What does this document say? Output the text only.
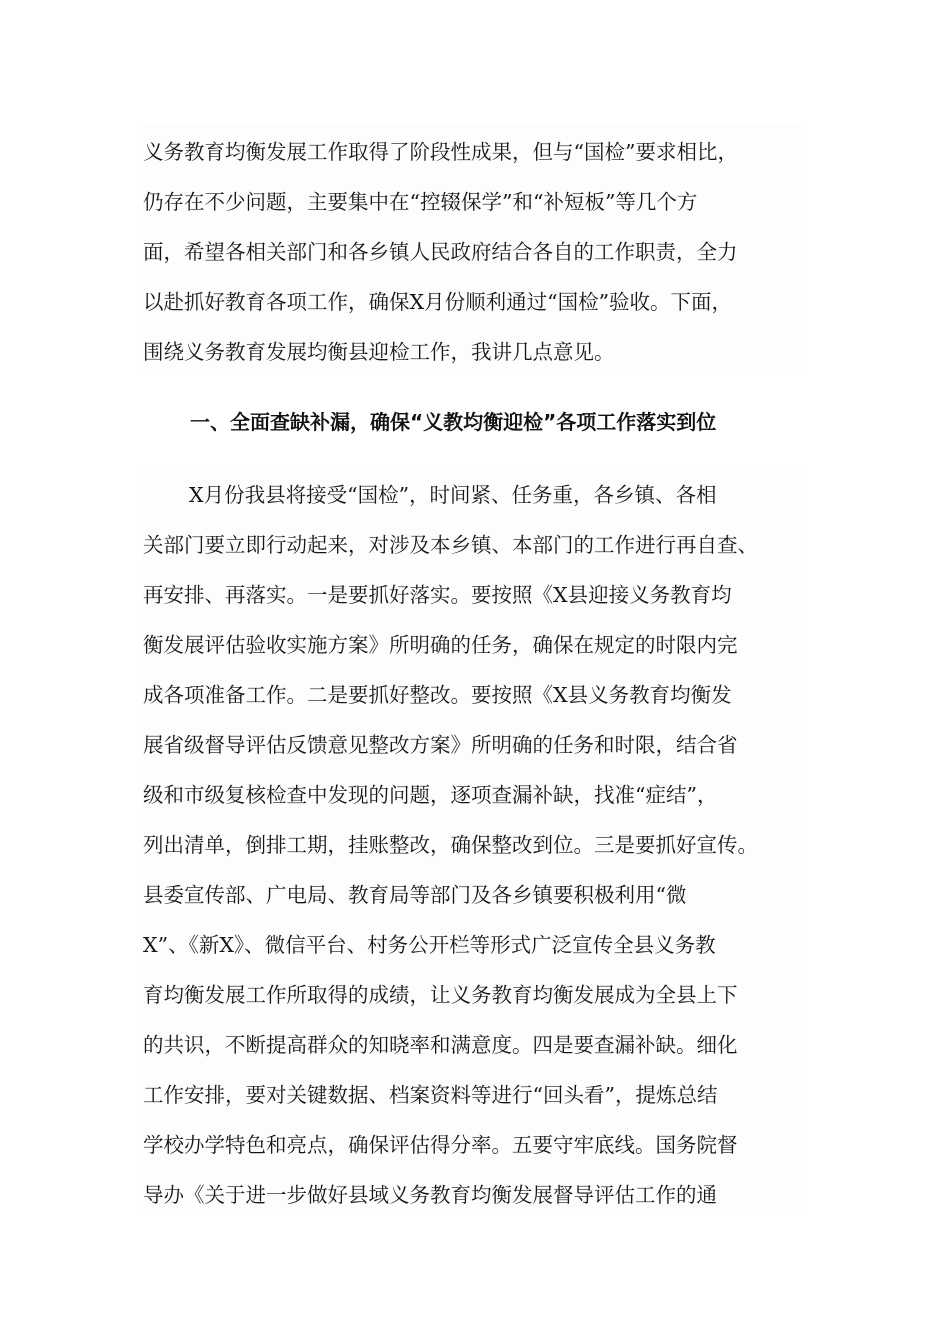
义务教育均衡发展工作取得了阶段性成果，但与“国检”要求相比，
仍存在不少问题，主要集中在“控辍保学”和“补短板”等几个方
面，希望各相关部门和各乡镇人民政府结合各自的工作职责，全力
以赴抓好教育各项工作，确保X月份顺利通过“国检”验收。下面，
围绕义务教育发展均衡县迎检工作，我讲几点意见。
一、全面查缺补漏，确保“义教均衡迎检”各项工作落实到位
X月份我县将接受“国检”，时间紧、任务重，各乡镇、各相
关部门要立即行动起来，对涉及本乡镇、本部门的工作进行再自查、
再安排、再落实。一是要抓好落实。要按照《X县迎接义务教育均
衡发展评估验收实施方案》所明确的任务，确保在规定的时限内完
成各项准备工作。二是要抓好整改。要按照《X县义务教育均衡发
展省级督导评估反馈意见整改方案》所明确的任务和时限，结合省
级和市级复核检查中发现的问题，逐项查漏补缺，找准“症结”，
列出清单，倒排工期，挂账整改，确保整改到位。三是要抓好宣传。
县委宣传部、广电局、教育局等部门及各乡镇要积极利用“微
X”、《新X》、微信平台、村务公开栏等形式广泛宣传全县义务教
育均衡发展工作所取得的成绩，让义务教育均衡发展成为全县上下
的共识，不断提高群众的知晓率和满意度。四是要查漏补缺。细化
工作安排，要对关键数据、档案资料等进行“回头看”，提炼总结
学校办学特色和亮点，确保评估得分率。五要守牢底线。国务院督
导办《关于进一步做好县域义务教育均衡发展督导评估工作的通
